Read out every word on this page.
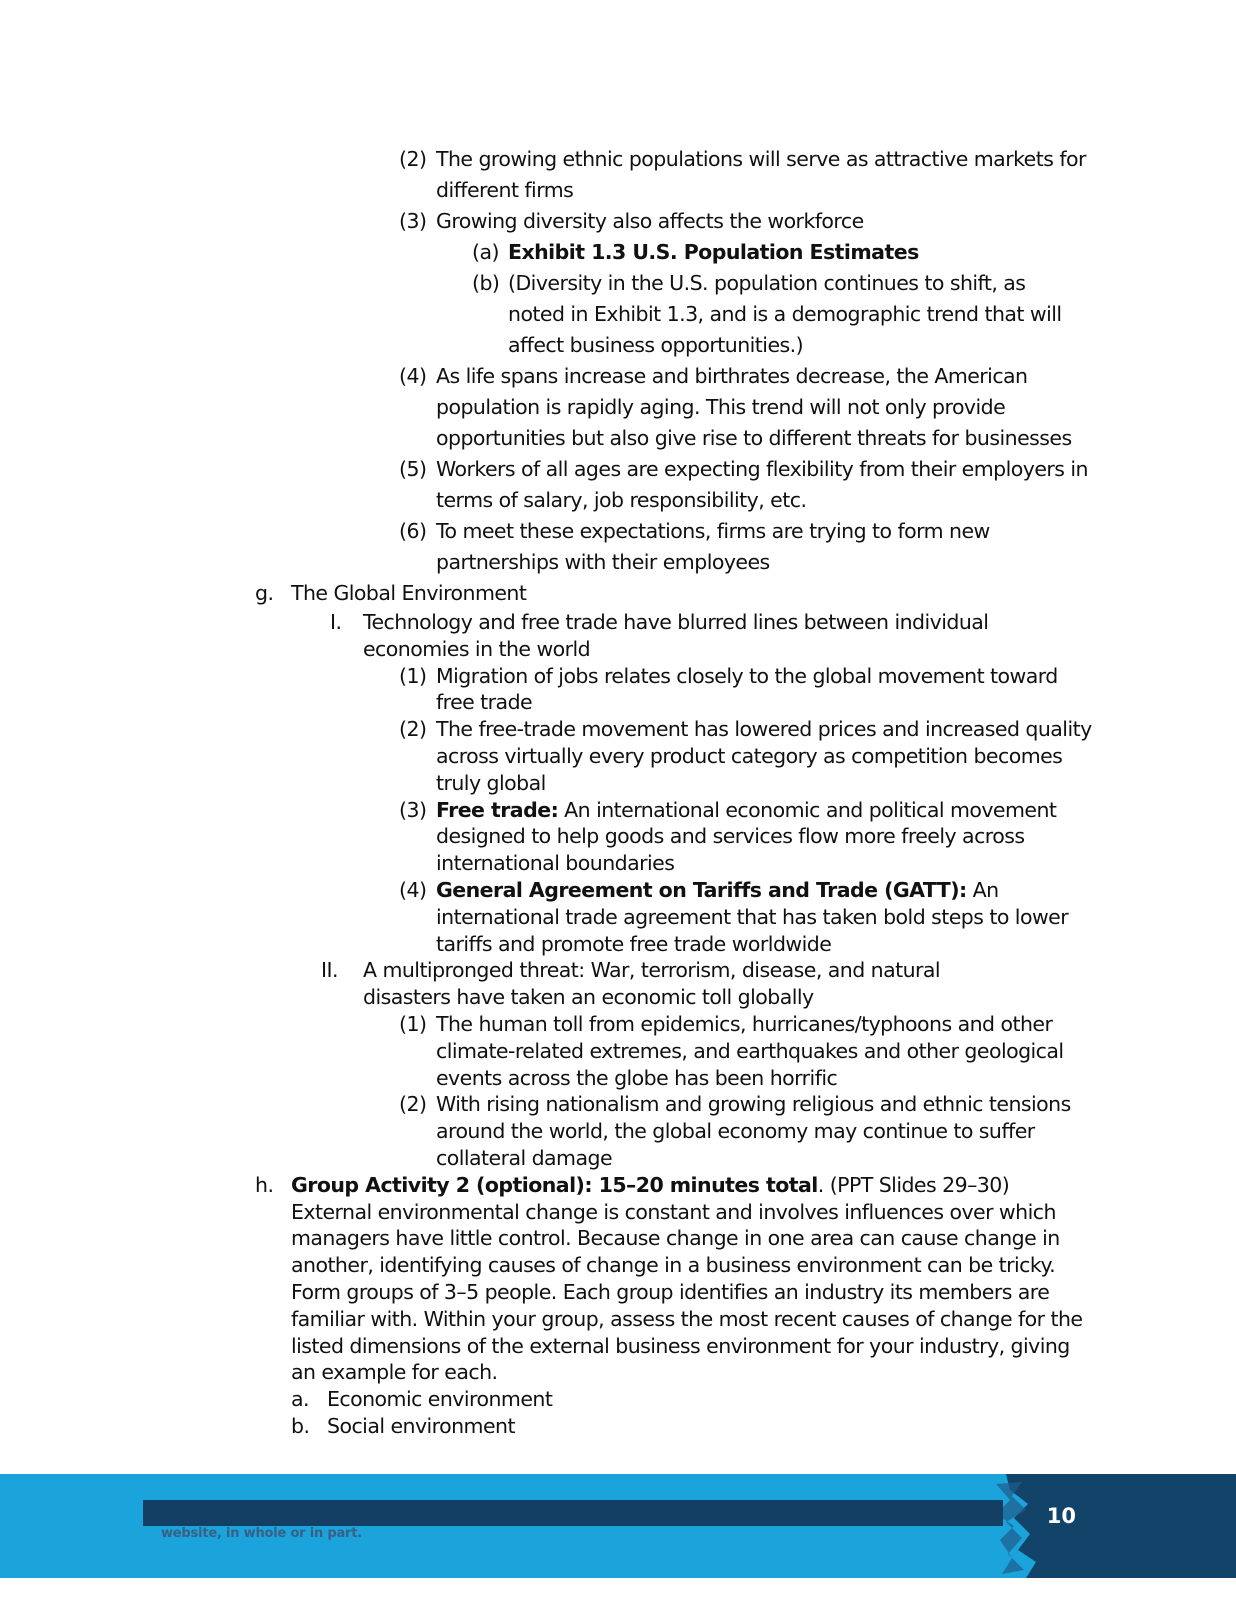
(2) The growing ethnic populations will serve as attractive markets for different firms
(3) Growing diversity also affects the workforce
(a) Exhibit 1.3 U.S. Population Estimates
(b) (Diversity in the U.S. population continues to shift, as noted in Exhibit 1.3, and is a demographic trend that will affect business opportunities.)
(4) As life spans increase and birthrates decrease, the American population is rapidly aging. This trend will not only provide opportunities but also give rise to different threats for businesses
(5) Workers of all ages are expecting flexibility from their employers in terms of salary, job responsibility, etc.
(6) To meet these expectations, firms are trying to form new partnerships with their employees
g. The Global Environment
I. Technology and free trade have blurred lines between individual economies in the world
(1) Migration of jobs relates closely to the global movement toward free trade
(2) The free-trade movement has lowered prices and increased quality across virtually every product category as competition becomes truly global
(3) Free trade: An international economic and political movement designed to help goods and services flow more freely across international boundaries
(4) General Agreement on Tariffs and Trade (GATT): An international trade agreement that has taken bold steps to lower tariffs and promote free trade worldwide
II. A multipronged threat: War, terrorism, disease, and natural disasters have taken an economic toll globally
(1) The human toll from epidemics, hurricanes/typhoons and other climate-related extremes, and earthquakes and other geological events across the globe has been horrific
(2) With rising nationalism and growing religious and ethnic tensions around the world, the global economy may continue to suffer collateral damage
h. Group Activity 2 (optional): 15–20 minutes total. (PPT Slides 29–30)
External environmental change is constant and involves influences over which managers have little control. Because change in one area can cause change in another, identifying causes of change in a business environment can be tricky. Form groups of 3–5 people. Each group identifies an industry its members are familiar with. Within your group, assess the most recent causes of change for the listed dimensions of the external business environment for your industry, giving an example for each.
a. Economic environment
b. Social environment
website, in whole or in part.
10
